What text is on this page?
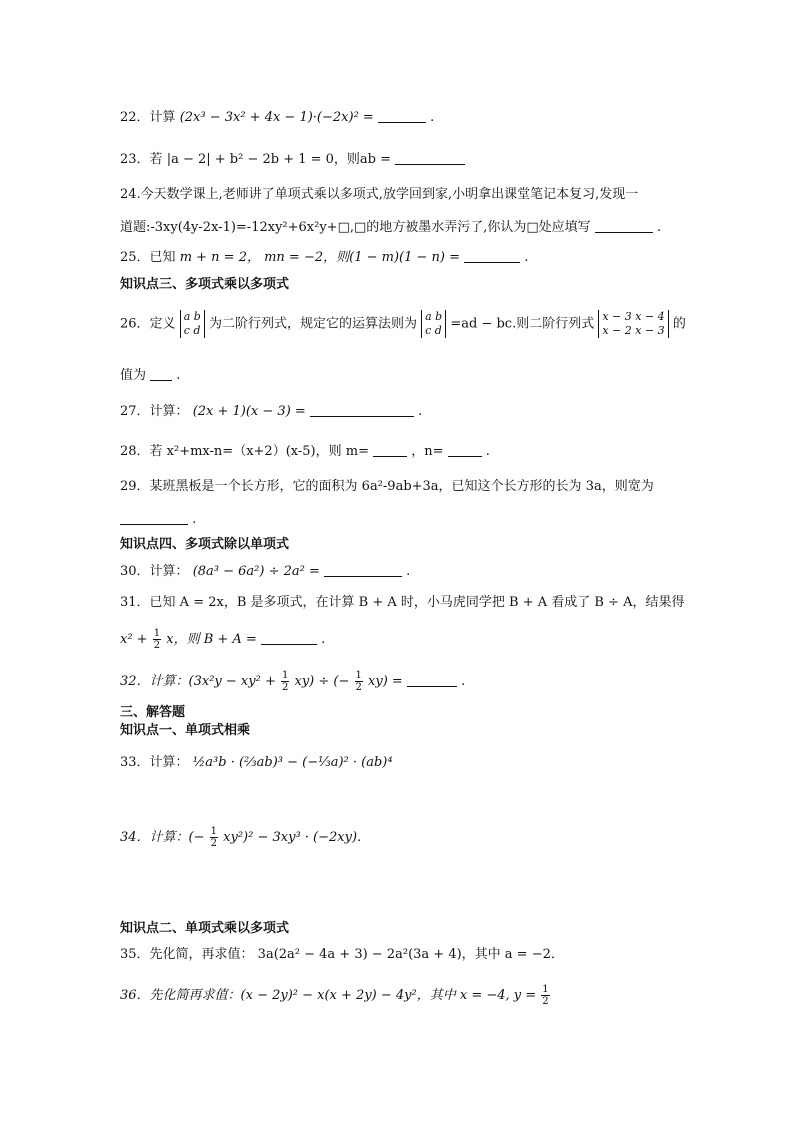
22．计算 (2x³ − 3x² + 4x − 1)·(−2x)² =	.
23．若 |a − 2| + b² − 2b + 1 = 0，则ab =
24.今天数学课上,老师讲了单项式乘以多项式,放学回到家,小明拿出课堂笔记本复习,发现一
道题:-3xy(4y-2x-1)=-12xy²+6x²y+□,□的地方被墨水弄污了,你认为□处应填写	.
25．已知 m + n = 2， mn = −2，则(1 − m)(1 − n) =	.
知识点三、多项式乘以多项式
26．定义 a b
c d 为二阶行列式，规定它的运算法则为 a b
c d =ad − bc.则二阶行列式 x − 3 x − 4
x − 2 x − 3 的
值为 .
27．计算： (2x + 1)(x − 3) =	.
28．若 x²+mx-n=（x+2）(x-5)，则 m=	，n=	.
29．某班黑板是一个长方形，它的面积为 6a²-9ab+3a，已知这个长方形的长为 3a，则宽为
.
知识点四、多项式除以单项式
30．计算： (8a³ − 6a²) ÷ 2a² =	.
31．已知 A = 2x，B 是多项式，在计算 B + A 时，小马虎同学把 B + A 看成了 B ÷ A，结果得
$x^2 + \frac{1}{2}$ x，则 B + A =	.
32．计算：$(3x^2y - xy^2 + \frac{1}{2} xy)$ ÷ (− $\frac{1}{2} xy$) =	.
三、解答题
知识点一、单项式相乘
33．计算： ½a³b · (⅔ab)³ − (−⅓a)² · (ab)⁴
34．计算：(− $\frac{1}{2} xy^2)^2 - 3xy^3 \cdot (-2xy)$．
知识点二、单项式乘以多项式
35．先化简，再求值： 3a(2a² − 4a + 3) − 2a²(3a + 4)，其中 a = −2．
36．先化简再求值：(x − 2y)² − x(x + 2y) − 4y²，其中 x = −4, $y = \frac{1}{2}$
